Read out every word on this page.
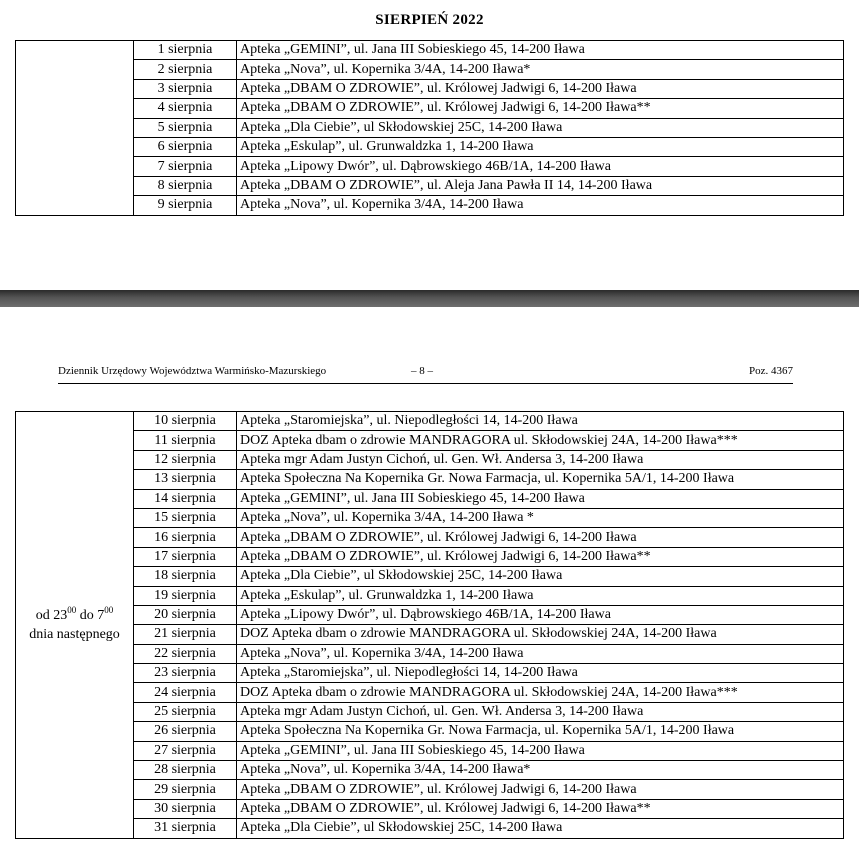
SIERPIEŃ 2022
	1 sierpnia	Apteka „GEMINI”, ul. Jana III Sobieskiego 45, 14-200 Iława
	2 sierpnia	Apteka „Nova”, ul. Kopernika 3/4A, 14-200 Iława*
	3 sierpnia	Apteka „DBAM O ZDROWIE”, ul. Królowej Jadwigi 6, 14-200 Iława
	4 sierpnia	Apteka „DBAM O ZDROWIE”, ul. Królowej Jadwigi 6, 14-200 Iława**
	5 sierpnia	Apteka „Dla Ciebie”, ul Skłodowskiej 25C, 14-200 Iława
	6 sierpnia	Apteka „Eskulap”, ul. Grunwaldzka 1, 14-200 Iława
	7 sierpnia	Apteka „Lipowy Dwór”, ul. Dąbrowskiego 46B/1A, 14-200 Iława
	8 sierpnia	Apteka „DBAM O ZDROWIE”, ul. Aleja Jana Pawła II 14, 14-200 Iława
	9 sierpnia	Apteka „Nova”, ul. Kopernika 3/4A, 14-200 Iława
Dziennik Urzędowy Województwa Warmińsko-Mazurskiego	– 8 –	Poz. 4367
od $23^{00}$ do $7^{00}$
dnia następnego	10 sierpnia	Apteka „Staromiejska”, ul. Niepodległości 14, 14-200 Iława
	11 sierpnia	DOZ Apteka dbam o zdrowie MANDRAGORA ul. Skłodowskiej 24A, 14-200 Iława***
	12 sierpnia	Apteka mgr Adam Justyn Cichoń, ul. Gen. Wł. Andersa 3, 14-200 Iława
	13 sierpnia	Apteka Społeczna Na Kopernika Gr. Nowa Farmacja, ul. Kopernika 5A/1, 14-200 Iława
	14 sierpnia	Apteka „GEMINI”, ul. Jana III Sobieskiego 45, 14-200 Iława
	15 sierpnia	Apteka „Nova”, ul. Kopernika 3/4A, 14-200 Iława *
	16 sierpnia	Apteka „DBAM O ZDROWIE”, ul. Królowej Jadwigi 6, 14-200 Iława
	17 sierpnia	Apteka „DBAM O ZDROWIE”, ul. Królowej Jadwigi 6, 14-200 Iława**
	18 sierpnia	Apteka „Dla Ciebie”, ul Skłodowskiej 25C, 14-200 Iława
	19 sierpnia	Apteka „Eskulap”, ul. Grunwaldzka 1, 14-200 Iława
	20 sierpnia	Apteka „Lipowy Dwór”, ul. Dąbrowskiego 46B/1A, 14-200 Iława
	21 sierpnia	DOZ Apteka dbam o zdrowie MANDRAGORA ul. Skłodowskiej 24A, 14-200 Iława
	22 sierpnia	Apteka „Nova”, ul. Kopernika 3/4A, 14-200 Iława
	23 sierpnia	Apteka „Staromiejska”, ul. Niepodległości 14, 14-200 Iława
	24 sierpnia	DOZ Apteka dbam o zdrowie MANDRAGORA ul. Skłodowskiej 24A, 14-200 Iława***
	25 sierpnia	Apteka mgr Adam Justyn Cichoń, ul. Gen. Wł. Andersa 3, 14-200 Iława
	26 sierpnia	Apteka Społeczna Na Kopernika Gr. Nowa Farmacja, ul. Kopernika 5A/1, 14-200 Iława
	27 sierpnia	Apteka „GEMINI”, ul. Jana III Sobieskiego 45, 14-200 Iława
	28 sierpnia	Apteka „Nova”, ul. Kopernika 3/4A, 14-200 Iława*
	29 sierpnia	Apteka „DBAM O ZDROWIE”, ul. Królowej Jadwigi 6, 14-200 Iława
	30 sierpnia	Apteka „DBAM O ZDROWIE”, ul. Królowej Jadwigi 6, 14-200 Iława**
	31 sierpnia	Apteka „Dla Ciebie”, ul Skłodowskiej 25C, 14-200 Iława
